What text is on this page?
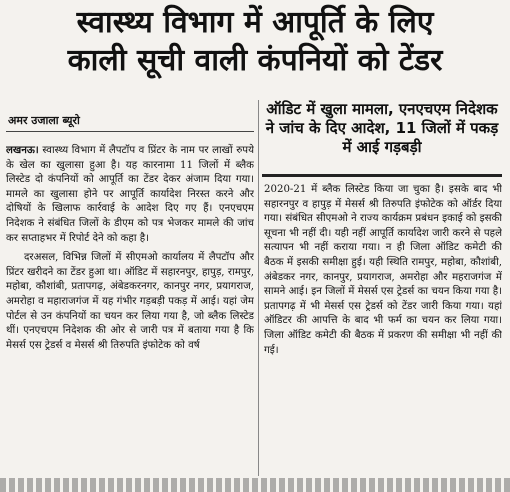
स्वास्थ्य विभाग में आपूर्ति के लिए
काली सूची वाली कंपनियों को टेंडर
अमर उजाला ब्यूरो
ऑडिट में खुला मामला, एनएचएम निदेशक ने जांच के दिए आदेश, 11 जिलों में पकड़ में आई गड़बड़ी

लखनऊ। स्वास्थ्य विभाग में लैपटॉप व प्रिंटर के नाम पर लाखों रुपये के खेल का खुलासा हुआ है। यह कारनामा 11 जिलों में ब्लैक लिस्टेड दो कंपनियों को आपूर्ति का टेंडर देकर अंजाम दिया गया। मामले का खुलासा होने पर आपूर्ति कार्यादेश निरस्त करने और दोषियों के खिलाफ कार्रवाई के आदेश दिए गए हैं। एनएचएम निदेशक ने संबंधित जिलों के डीएम को पत्र भेजकर मामले की जांच कर सप्ताहभर में रिपोर्ट देने को कहा है।

दरअसल, विभिन्न जिलों में सीएमओ कार्यालय में लैपटॉप और प्रिंटर खरीदने का टेंडर हुआ था। ऑडिट में सहारनपुर, हापुड़, रामपुर, महोबा, कौशांबी, प्रतापगढ़, अंबेडकरनगर, कानपुर नगर, प्रयागराज, अमरोहा व महाराजगंज में यह गंभीर गड़बड़ी पकड़ में आई। यहां जेम पोर्टल से उन कंपनियों का चयन कर लिया गया है, जो ब्लैक लिस्टेड थीं। एनएचएम निदेशक की ओर से जारी पत्र में बताया गया है कि मेसर्स एस ट्रेडर्स व मेसर्स श्री तिरुपति इंफोटेक को वर्ष

2020-21 में ब्लैक लिस्टेड किया जा चुका है। इसके बाद भी सहारनपुर व हापुड़ में मेसर्स श्री तिरुपति इंफोटेक को ऑर्डर दिया गया। संबंधित सीएमओ ने राज्य कार्यक्रम प्रबंधन इकाई को इसकी सूचना भी नहीं दी। यही नहीं आपूर्ति कार्यादेश जारी करने से पहले सत्यापन भी नहीं कराया गया। न ही जिला ऑडिट कमेटी की बैठक में इसकी समीक्षा हुई। यही स्थिति रामपुर, महोबा, कौशांबी, अंबेडकर नगर, कानपुर, प्रयागराज, अमरोहा और महराजगंज में सामने आई। इन जिलों में मेसर्स एस ट्रेडर्स का चयन किया गया है। प्रतापगढ़ में भी मेसर्स एस ट्रेडर्स को टेंडर जारी किया गया। यहां ऑडिटर की आपत्ति के बाद भी फर्म का चयन कर लिया गया। जिला ऑडिट कमेटी की बैठक में प्रकरण की समीक्षा भी नहीं की गई।
